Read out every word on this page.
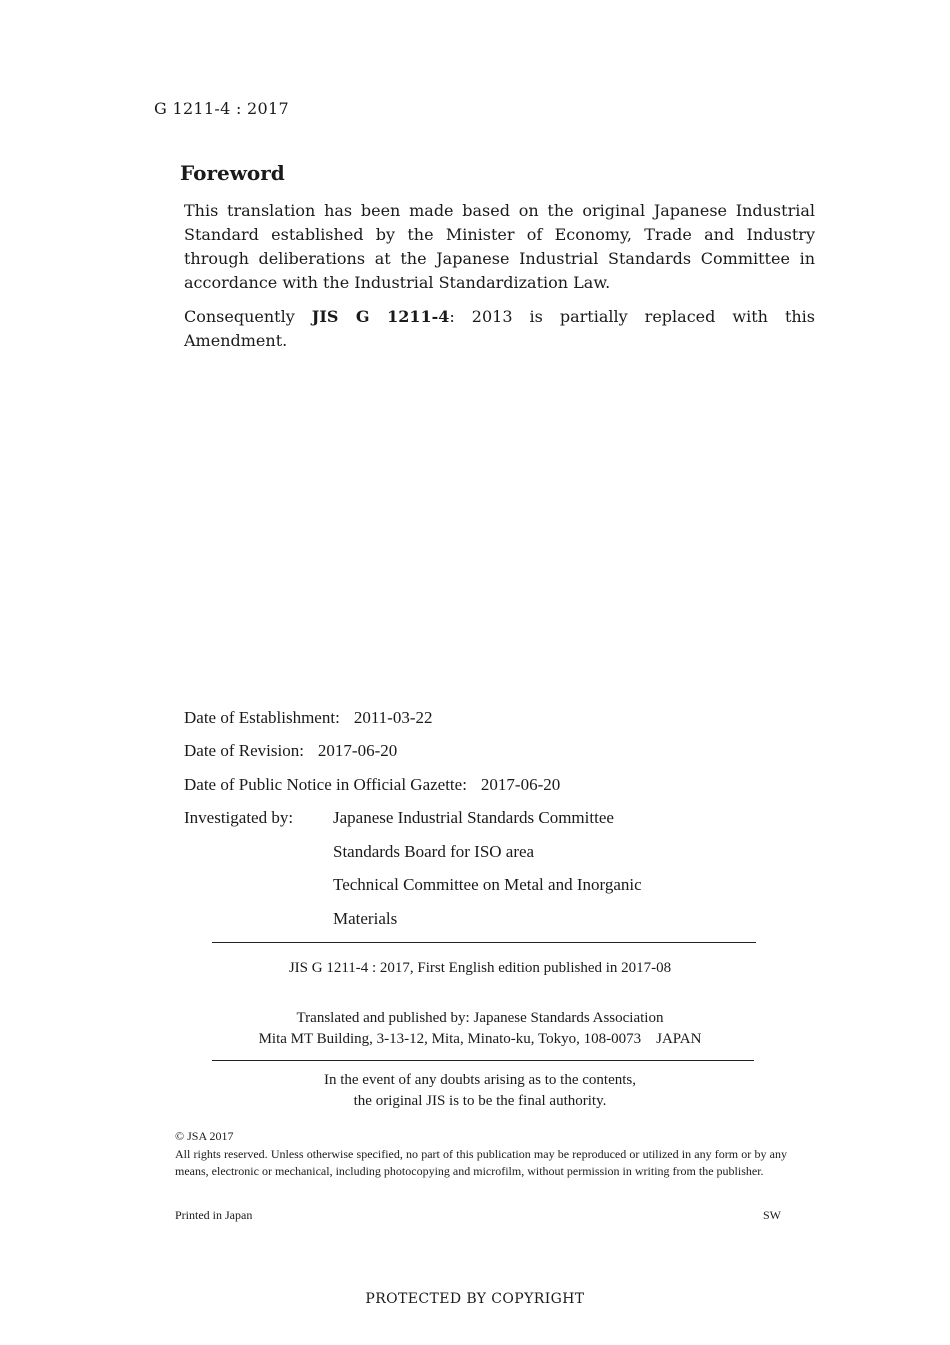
G 1211-4 : 2017
Foreword

This translation has been made based on the original Japanese Industrial Standard established by the Minister of Economy, Trade and Industry through deliberations at the Japanese Industrial Standards Committee in accordance with the Industrial Standardization Law.

Consequently JIS G 1211-4: 2013 is partially replaced with this Amendment.

Date of Establishment: 2011-03-22
Date of Revision: 2017-06-20
Date of Public Notice in Official Gazette: 2017-06-20
Investigated by: Japanese Industrial Standards Committee
Standards Board for ISO area
Technical Committee on Metal and Inorganic
Materials
JIS G 1211-4 : 2017, First English edition published in 2017-08
Translated and published by: Japanese Standards Association
Mita MT Building, 3-13-12, Mita, Minato-ku, Tokyo, 108-0073    JAPAN
In the event of any doubts arising as to the contents,
the original JIS is to be the final authority.

© JSA 2017

All rights reserved. Unless otherwise specified, no part of this publication may be reproduced or utilized in any form or by any means, electronic or mechanical, including photocopying and microfilm, without permission in writing from the publisher.

Printed in Japan	SW
PROTECTED BY COPYRIGHT
